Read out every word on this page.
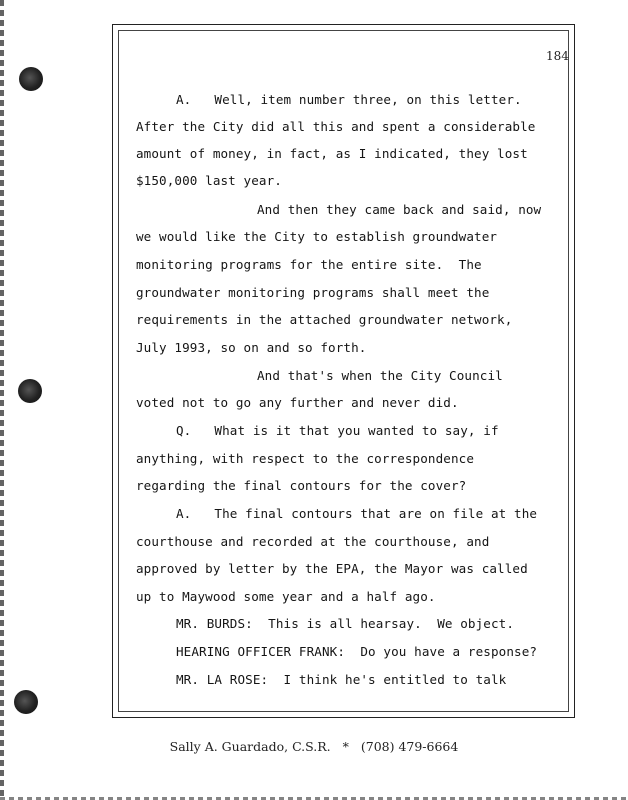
184
A.   Well, item number three, on this letter.
After the City did all this and spent a considerable
amount of money, in fact, as I indicated, they lost
$150,000 last year.
And then they came back and said, now
we would like the City to establish groundwater
monitoring programs for the entire site.  The
groundwater monitoring programs shall meet the
requirements in the attached groundwater network,
July 1993, so on and so forth.
And that's when the City Council
voted not to go any further and never did.
Q.   What is it that you wanted to say, if
anything, with respect to the correspondence
regarding the final contours for the cover?
A.   The final contours that are on file at the
courthouse and recorded at the courthouse, and
approved by letter by the EPA, the Mayor was called
up to Maywood some year and a half ago.
MR. BURDS:  This is all hearsay.  We object.
HEARING OFFICER FRANK:  Do you have a response?
MR. LA ROSE:  I think he's entitled to talk
Sally A. Guardado, C.S.R. * (708) 479-6664
